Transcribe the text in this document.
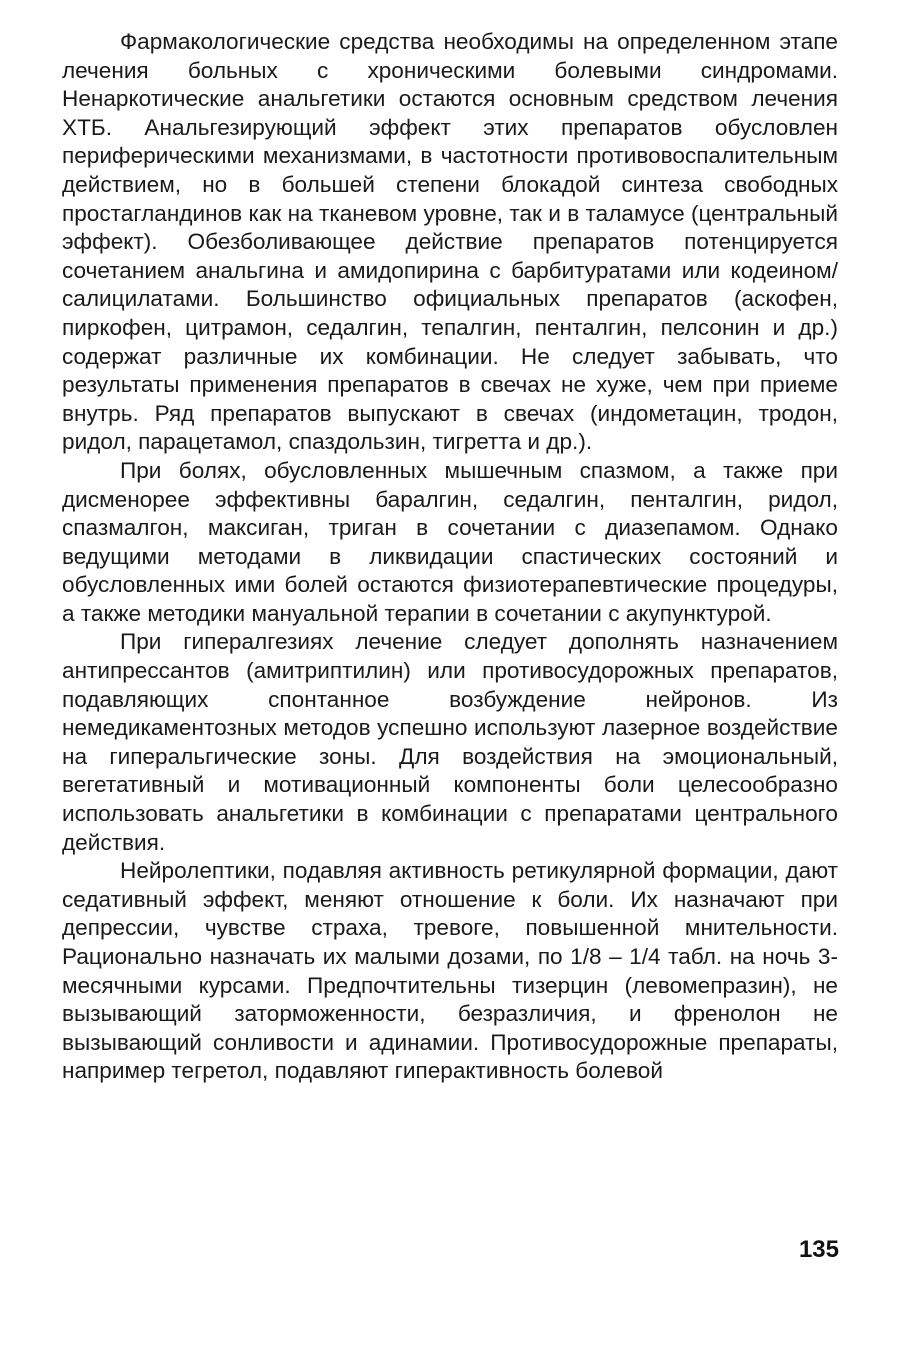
Фармакологические средства необходимы на определенном этапе лечения больных с хроническими болевыми синдромами. Ненаркотические анальгетики остаются основным средством лечения ХТБ. Анальгезирующий эффект этих препаратов обусловлен периферическими механизмами, в частотности противовоспалительным действием, но в большей степени блокадой синтеза свободных простагландинов как на тканевом уровне, так и в таламусе (центральный эффект). Обезболивающее действие препаратов потенцируется сочетанием анальгина и амидопирина с барбитуратами или кодеином/салицилатами. Большинство официальных препаратов (аскофен, пиркофен, цитрамон, седалгин, тепалгин, пенталгин, пелсонин и др.) содержат различные их комбинации. Не следует забывать, что результаты применения препаратов в свечах не хуже, чем при приеме внутрь. Ряд препаратов выпускают в свечах (индометацин, тродон, ридол, парацетамол, спаздользин, тигретта и др.).

При болях, обусловленных мышечным спазмом, а также при дисменорее эффективны баралгин, седалгин, пенталгин, ридол, спазмалгон, максиган, триган в сочетании с диазепамом. Однако ведущими методами в ликвидации спастических состояний и обусловленных ими болей остаются физиотерапевтические процедуры, а также методики мануальной терапии в сочетании с акупунктурой.

При гипералгезиях лечение следует дополнять назначением антипрессантов (амитриптилин) или противосудорожных препаратов, подавляющих спонтанное возбуждение нейронов. Из немедикаментозных методов успешно используют лазерное воздействие на гиперальгические зоны. Для воздействия на эмоциональный, вегетативный и мотивационный компоненты боли целесообразно использовать анальгетики в комбинации с препаратами центрального действия.

Нейролептики, подавляя активность ретикулярной формации, дают седативный эффект, меняют отношение к боли. Их назначают при депрессии, чувстве страха, тревоге, повышенной мнительности. Рационально назначать их малыми дозами, по 1/8 – 1/4 табл. на ночь 3-месячными курсами. Предпочтительны тизерцин (левомепразин), не вызывающий заторможенности, безразличия, и френолон не вызывающий сонливости и адинамии. Противосудорожные препараты, например тегретол, подавляют гиперактивность болевой

135
